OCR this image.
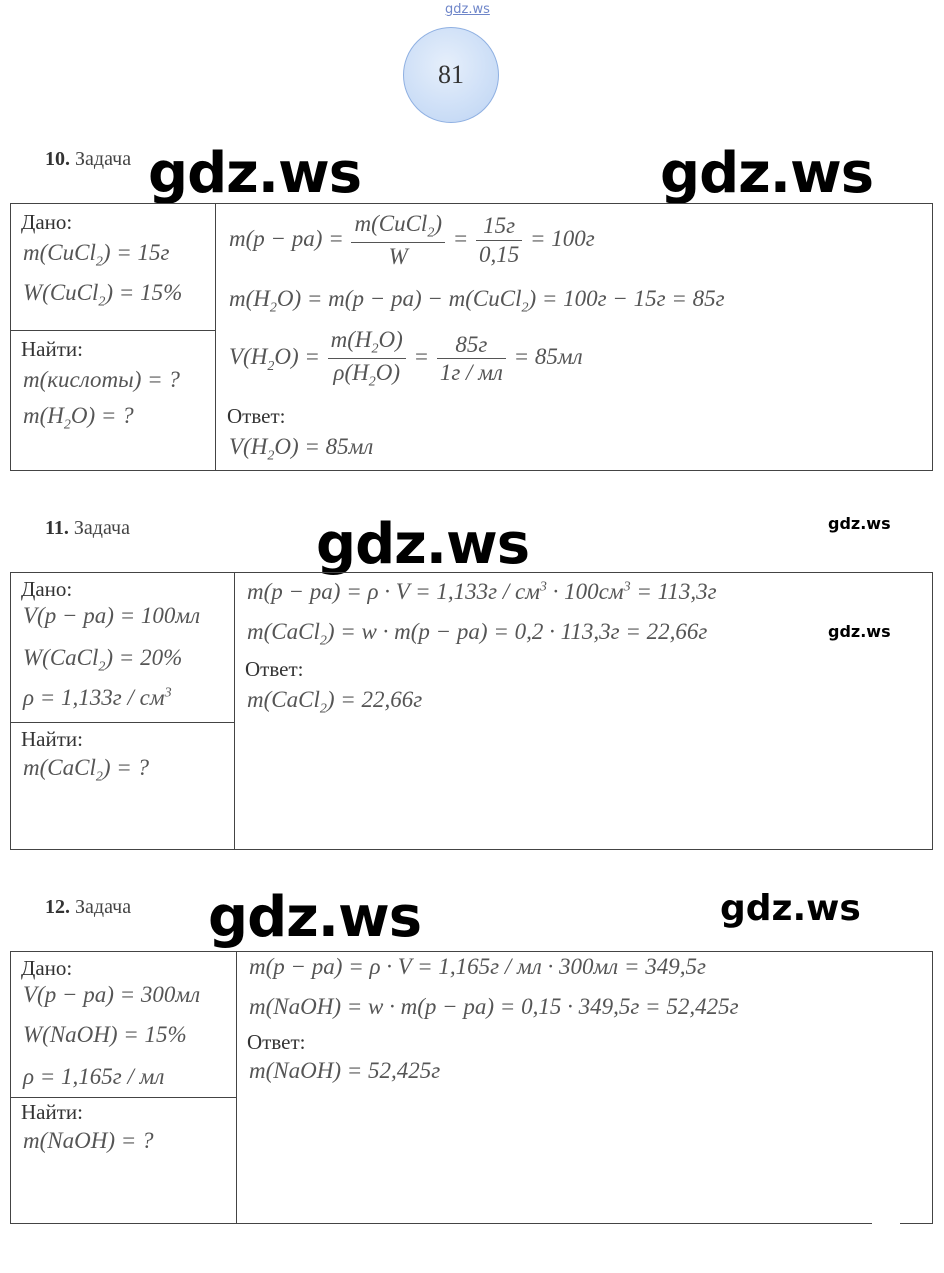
gdz.ws
81
10. Задача gdz.ws	gdz.ws
Дано:
m(CuCl$_2$) = 15г
W(CuCl$_2$) = 15%
Найти:
m(кислоты) = ?
$m(H_2O)$ = ?
$m(p - pa) = \frac{m(CuCl_2)}{W} = \frac{15г}{0,15} = 100г$
$m(H_2O) = m(p - pa)$ − m(CuCl$_2$) = 100г − 15г = 85г
$V(H_2O) = \frac{m(H_2O)}{\rho(H_2O)} = \frac{85г}{1г / мл} = 85мл$
Ответ:
$V(H_2O) = 85мл$
11. Задача	gdz.ws	gdz.ws
Дано:
V(p − pa) = 100мл
W(CaCl$_2$) = 20%
$\rho = 1,133г / см^3$
Найти:
m(CaCl$_2$) = ?
$m(p - pa) = \rho \cdot V = 1,133г / см^3 \cdot 100см^3 = 113,3г$
m(CaCl$_2$) = w · m(p − pa) = 0,2 · 113,3г = 22,66г	gdz.ws
Ответ:
m(CaCl$_2$) = 22,66г
12. Задача gdz.ws	gdz.ws
Дано:
V(p − pa) = 300мл
W(NaOH) = 15%
ρ = 1,165г / мл
Найти:
m(NaOH) = ?
m(p − pa) = ρ · V = 1,165г / мл · 300мл = 349,5г
m(NaOH) = w · m(p − pa) = 0,15 · 349,5г = 52,425г
Ответ:
m(NaOH) = 52,425г
